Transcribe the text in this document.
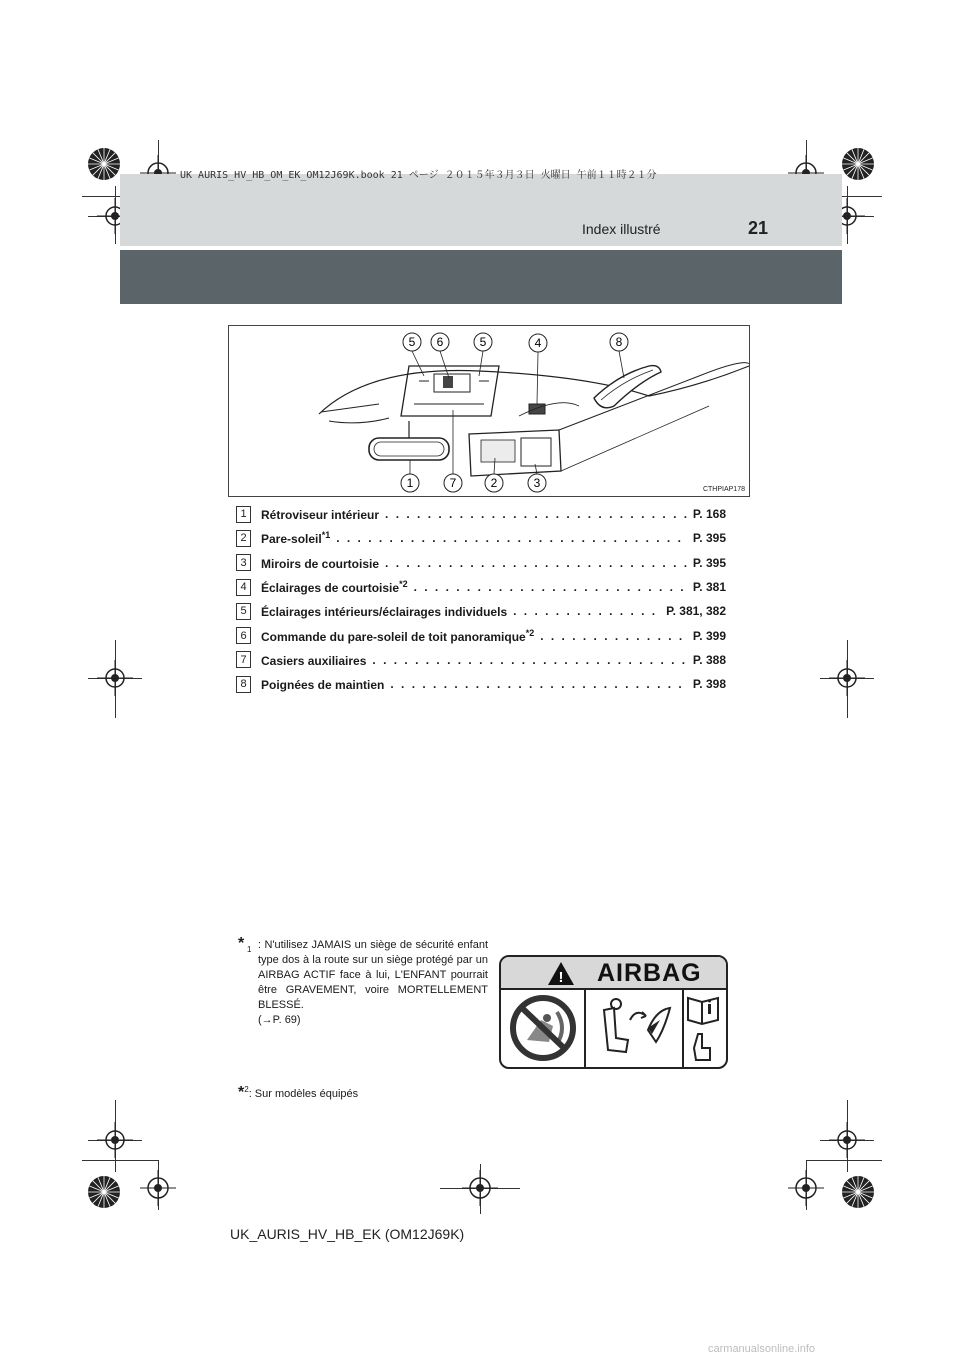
UK AURIS_HV_HB_OM_EK_OM12J69K.book 21 ページ ２０１５年３月３日 火曜日 午前１１時２１分
Index illustré	21
5 6	5	4	8
1	7	2	3	CTHPIAP178
1	Rétroviseur intérieur . . .	P. 168
2	Pare-soleil$^{*1}$ . . .	P. 395
3	Miroirs de courtoisie . . .	P. 395
4	Éclairages de courtoisie$^{*2}$ . . .	P. 381
5	Éclairages intérieurs/éclairages individuels . . .	P. 381, 382
6	Commande du pare-soleil de toit panoramique$^{*2}$ . . .	P. 399
7	Casiers auxiliaires . . .	P. 388
8	Poignées de maintien . . .	P. 398
* 1 : N'utilisez JAMAIS un siège de sécurité enfant type dos à la route sur un siège protégé par un AIRBAG ACTIF face à lui, L'ENFANT pourrait être GRAVEMENT, voire MORTELLEMENT BLESSÉ.
(→P. 69)
! AIRBAG
*$^2$: Sur modèles équipés
UK_AURIS_HV_HB_EK (OM12J69K)
carmanualsonline.info
